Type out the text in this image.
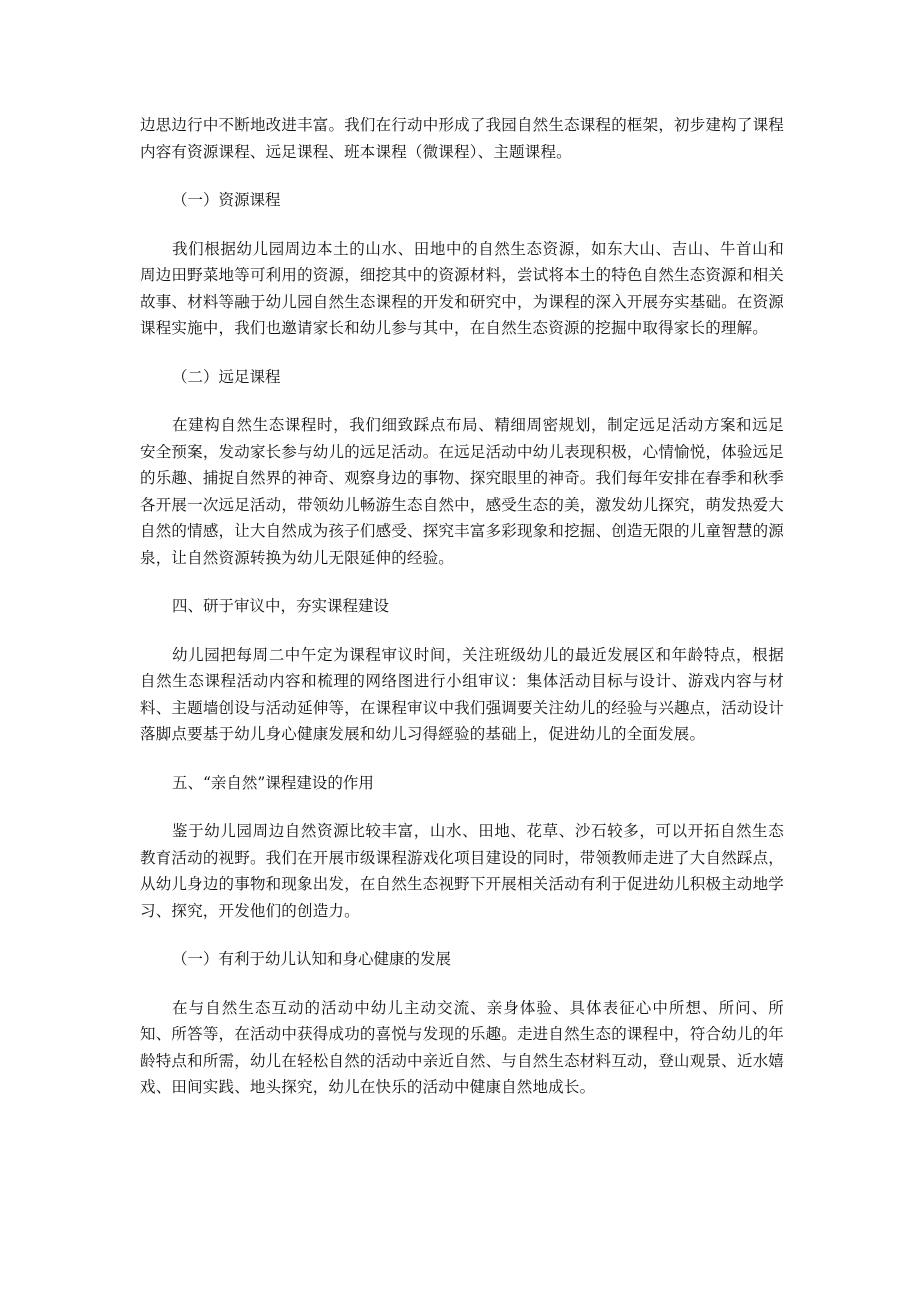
边思边行中不断地改进丰富。我们在行动中形成了我园自然生态课程的框架，初步建构了课程内容有资源课程、远足课程、班本课程（微课程）、主题课程。

（一）资源课程

我们根据幼儿园周边本土的山水、田地中的自然生态资源，如东大山、吉山、牛首山和周边田野菜地等可利用的资源，细挖其中的资源材料，尝试将本土的特色自然生态资源和相关故事、材料等融于幼儿园自然生态课程的开发和研究中，为课程的深入开展夯实基础。在资源课程实施中，我们也邀请家长和幼儿参与其中，在自然生态资源的挖掘中取得家长的理解。

（二）远足课程

在建构自然生态课程时，我们细致踩点布局、精细周密规划，制定远足活动方案和远足安全预案，发动家长参与幼儿的远足活动。在远足活动中幼儿表现积极，心情愉悦，体验远足的乐趣、捕捉自然界的神奇、观察身边的事物、探究眼里的神奇。我们每年安排在春季和秋季各开展一次远足活动，带领幼儿畅游生态自然中，感受生态的美，激发幼儿探究，萌发热爱大自然的情感，让大自然成为孩子们感受、探究丰富多彩现象和挖掘、创造无限的儿童智慧的源泉，让自然资源转换为幼儿无限延伸的经验。

四、研于审议中，夯实课程建设

幼儿园把每周二中午定为课程审议时间，关注班级幼儿的最近发展区和年龄特点，根据自然生态课程活动内容和梳理的网络图进行小组审议：集体活动目标与设计、游戏内容与材料、主题墙创设与活动延伸等，在课程审议中我们强调要关注幼儿的经验与兴趣点，活动设计落脚点要基于幼儿身心健康发展和幼儿习得經验的基础上，促进幼儿的全面发展。

五、“亲自然”课程建设的作用

鉴于幼儿园周边自然资源比较丰富，山水、田地、花草、沙石较多，可以开拓自然生态教育活动的视野。我们在开展市级课程游戏化项目建设的同时，带领教师走进了大自然踩点，从幼儿身边的事物和现象出发，在自然生态视野下开展相关活动有利于促进幼儿积极主动地学习、探究，开发他们的创造力。

（一）有利于幼儿认知和身心健康的发展

在与自然生态互动的活动中幼儿主动交流、亲身体验、具体表征心中所想、所问、所知、所答等，在活动中获得成功的喜悦与发现的乐趣。走进自然生态的课程中，符合幼儿的年龄特点和所需，幼儿在轻松自然的活动中亲近自然、与自然生态材料互动，登山观景、近水嬉戏、田间实践、地头探究，幼儿在快乐的活动中健康自然地成长。
